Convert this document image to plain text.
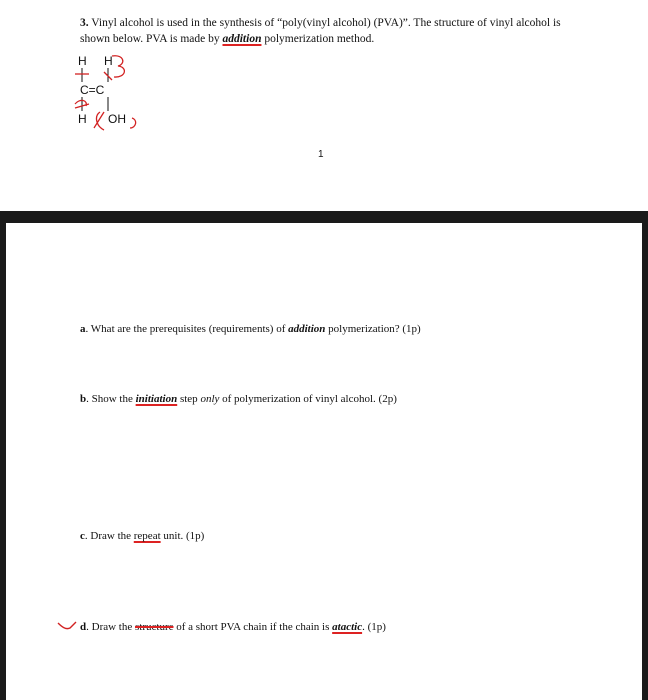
3. Vinyl alcohol is used in the synthesis of “poly(vinyl alcohol) (PVA)”. The structure of vinyl alcohol is
shown below. PVA is made by addition polymerization method.
H H
C=C
H OH
1
a. What are the prerequisites (requirements) of addition polymerization? (1p)
b. Show the initiation step only of polymerization of vinyl alcohol. (2p)
c. Draw the repeat unit. (1p)
d. Draw the structure of a short PVA chain if the chain is atactic. (1p)
